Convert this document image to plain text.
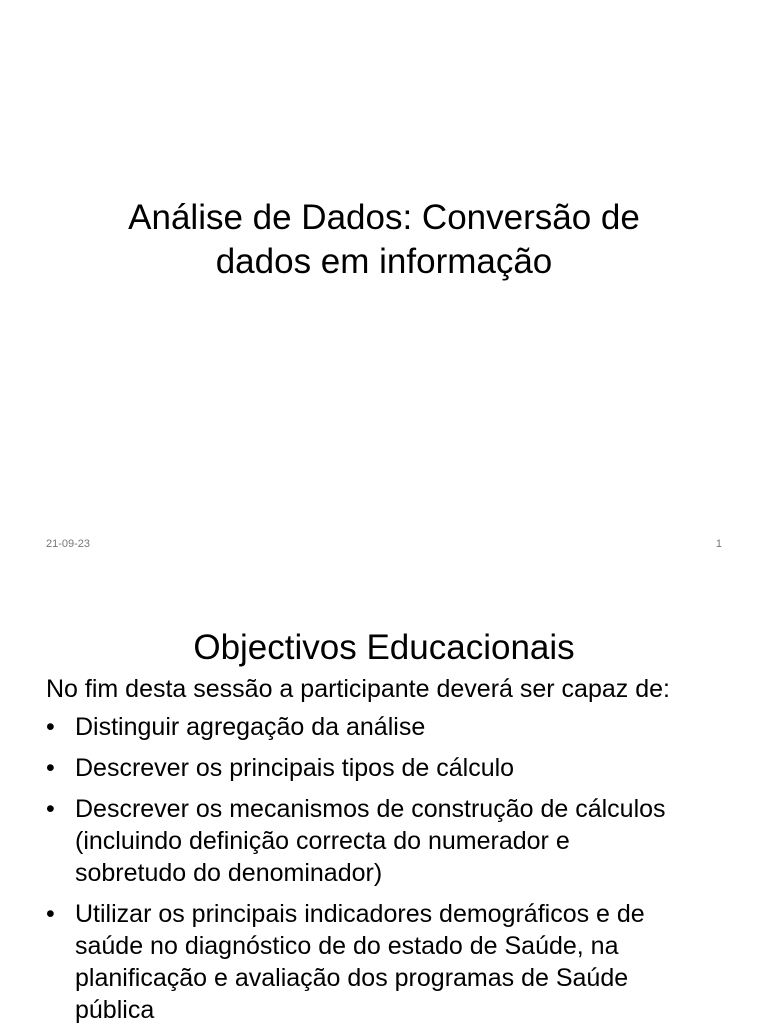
Análise de Dados: Conversão de
dados em informação
21-09-23	1
Objectivos Educacionais
No fim desta sessão a participante deverá ser capaz de:
• Distinguir agregação da análise
• Descrever os principais tipos de cálculo
• Descrever os mecanismos de construção de cálculos
(incluindo definição correcta do numerador e
sobretudo do denominador)
• Utilizar os principais indicadores demográficos e de
saúde no diagnóstico de do estado de Saúde, na
planificação e avaliação dos programas de Saúde
pública
